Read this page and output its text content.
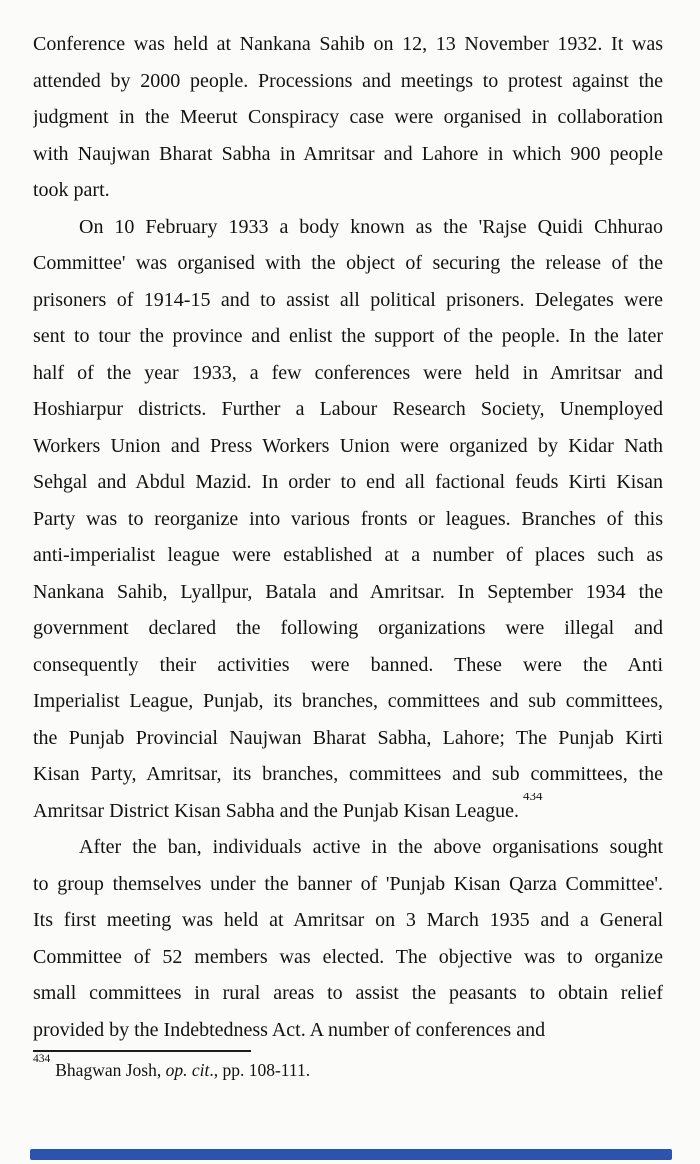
Conference was held at Nankana Sahib on 12, 13 November 1932. It was
attended by 2000 people. Processions and meetings to protest against the
judgment in the Meerut Conspiracy case were organised in collaboration
with Naujwan Bharat Sabha in Amritsar and Lahore in which 900 people
took part.
On 10 February 1933 a body known as the 'Rajse Quidi Chhurao
Committee' was organised with the object of securing the release of the
prisoners of 1914-15 and to assist all political prisoners. Delegates were
sent to tour the province and enlist the support of the people. In the later
half of the year 1933, a few conferences were held in Amritsar and
Hoshiarpur districts. Further a Labour Research Society, Unemployed
Workers Union and Press Workers Union were organized by Kidar Nath
Sehgal and Abdul Mazid. In order to end all factional feuds Kirti Kisan
Party was to reorganize into various fronts or leagues. Branches of this
anti-imperialist league were established at a number of places such as
Nankana Sahib, Lyallpur, Batala and Amritsar. In September 1934 the
government declared the following organizations were illegal and
consequently their activities were banned. These were the Anti
Imperialist League, Punjab, its branches, committees and sub committees,
the Punjab Provincial Naujwan Bharat Sabha, Lahore; The Punjab Kirti
Kisan Party, Amritsar, its branches, committees and sub committees, the
Amritsar District Kisan Sabha and the Punjab Kisan League.$^{434}$
After the ban, individuals active in the above organisations sought
to group themselves under the banner of 'Punjab Kisan Qarza Committee'.
Its first meeting was held at Amritsar on 3 March 1935 and a General
Committee of 52 members was elected. The objective was to organize
small committees in rural areas to assist the peasants to obtain relief
provided by the Indebtedness Act. A number of conferences and

$^{434}$Bhagwan Josh, op. cit., pp. 108-111.
